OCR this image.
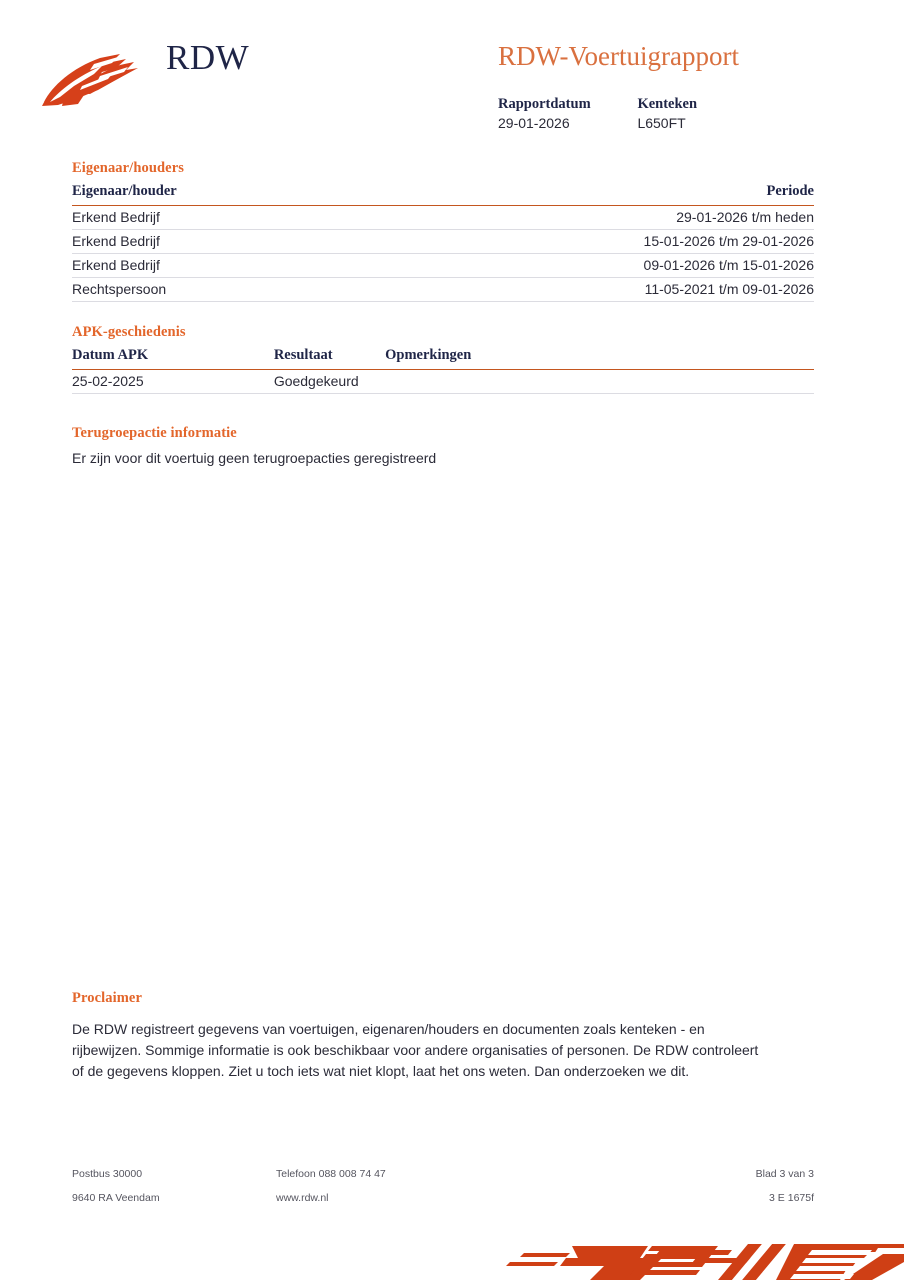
RDW	RDW-Voertuigrapport
Rapportdatum
29-01-2026

Kenteken
L650FT
Eigenaar/houders
Eigenaar/houder	Periode
Erkend Bedrijf	29-01-2026 t/m heden
Erkend Bedrijf	15-01-2026 t/m 29-01-2026
Erkend Bedrijf	09-01-2026 t/m 15-01-2026
Rechtspersoon	11-05-2021 t/m 09-01-2026
APK-geschiedenis
Datum APK	Resultaat	Opmerkingen
25-02-2025	Goedgekeurd	
Terugroepactie informatie
Er zijn voor dit voertuig geen terugroepacties geregistreerd
Proclaimer
De RDW registreert gegevens van voertuigen, eigenaren/houders en documenten zoals kenteken - en rijbewijzen. Sommige informatie is ook beschikbaar voor andere organisaties of personen. De RDW controleert of de gegevens kloppen. Ziet u toch iets wat niet klopt, laat het ons weten. Dan onderzoeken we dit.
Postbus 30000	Telefoon 088 008 74 47	Blad 3 van 3
9640 RA Veendam	www.rdw.nl	3 E 1675f
